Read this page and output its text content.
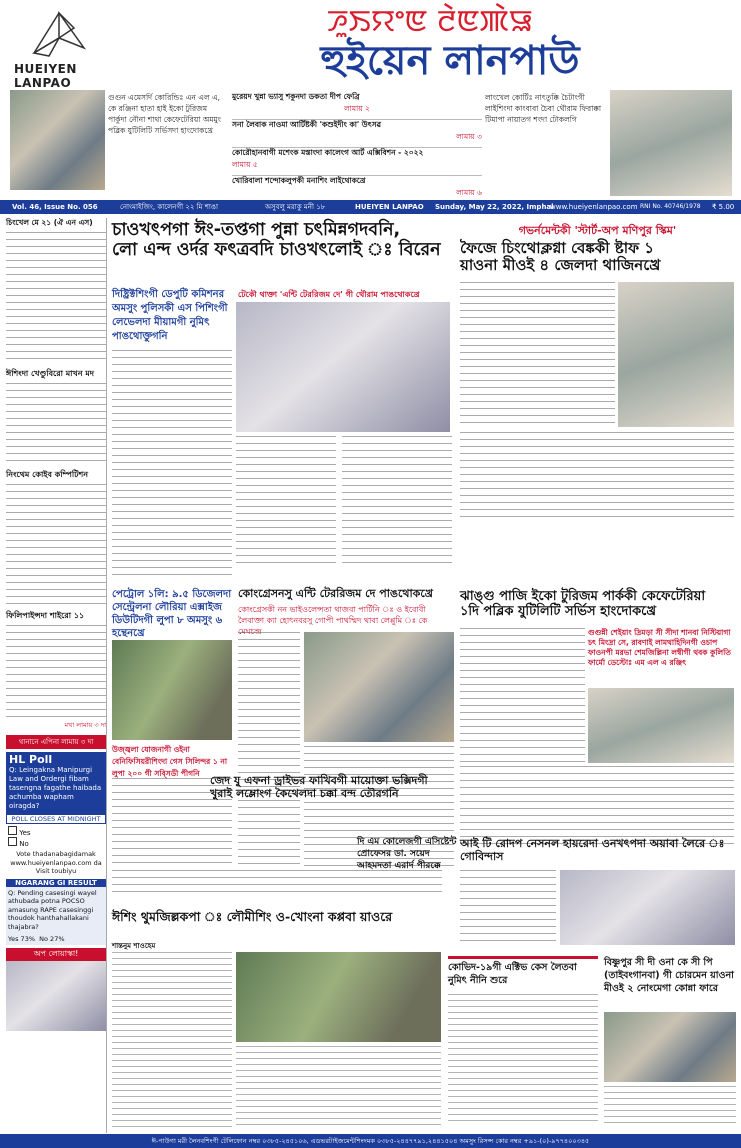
HUEIYEN LANPAO
ꯍꯨꯏꯌꯦꯟ ꯂꯥꯟꯄꯥꯎ
হুইয়েন লানপাউ
গুগুন এমেসর্দি কোরিন্ডিঃ এন এল এ, কে রঞ্জিনা হাতা হাই ইকো টুরিজম পার্কুদা নৌনা শাথা কেফেটেরিয়া অমমুং পব্লিক যুটিলিটি সর্ভিসদা হাংদোকখ্রে
মুরেয়দ খুন্না ভ্যাসু শকুনদা ডকতা দীপ ফেব্রি
লামায় ২
সনা লৈবাক নাওমা আর্টিষ্টকী 'কশুইদীং কা' উৎসৱ
লামায় ৩
কোরৌহানবাগী মশেংক মস্তাংদা কালেংগ আর্ট এক্সিবিশন - ২০২২
লামায় ৫
খোরিবালা শন্দোকলুপকী মনাশিং লাইথোকখ্রে
লামায় ৬
লাংখেল কোর্টিঃ নাৎতুক্কি চৈটাংগী লাইশিংদা কাংবাবা চৈবা থৌরাম ফিরাক্কা টিমাপা নায়াতগ শংদা টোকলগি
Vol. 46, Issue No. 056	নোংমাইজিং, কালেনগী ২২ মি শাঙা	অসুবলু মরাকু মনী ১৮	HUEIYEN LANPAO Sunday, May 22, 2022, Imphal
www.hueiyenlanpao.com RNI No. 40746/1978 ₹ 5.00
চিংখেল মে ২১ (ঐ এন এস)
ঈশিংদা খেণ্ডুবিরো মাখন মদ
নিংথেম কোইব কম্পিটিশন
ফিলিপাইন্সদা শাইরো ১১
মখা লামায় ৩ দা
থানানে এপিনা লামায় ৩ দা
HL Poll
Q: Leingakna Manipurgi Law and Ordergi fibam tasengna fagathe haibada achumba wapham oiragda?
POLL CLOSES AT MIDNIGHT
Yes
No
Vote thadanabagidamak www.hueiyenlanpao.com da Visit toubiyu
NGARANG GI RESULT
Q: Pending casesingi wayel athubada potna POCSO amasung RAPE casesinggi thoudok hanthahallakani thajabra?
Yes 73% No 27%
অপ লোয়াস্কা!
চাওখৎপগা ঈং-তপ্তগা পুন্না চৎমিন্নগদবনি,
লো এন্দ ওর্দর ফৎত্রবদি চাওখৎলোই ঃ বিরেন
দিষ্ট্রিক্টশিংগী ডেপুটি কমিশনর অমসুং পুলিসকী এস পিশিংগী লেভেলদা মীয়ামগী নুমিৎ পাঙথোক্তুগনি
টেকৌ থাক্তা 'এন্টি টেররিজম দে' গী থৌরাম পাঙথোকখ্রে
গভর্নমেন্টকী 'স্টার্ট-অপ মণিপুর স্কিম'
ফৈজে চিংথোক্লগ্না বেঙ্ককী ষ্টাফ ১
য়াওনা মীওই ৪ জেলদা থাজিনখ্রে
পেট্রোল ১লি: ৯.৫ ডিজেলদা সেন্ট্রেলনা লৌরিয়া এক্সাইজ ডিউটিদগী লুপা ৮ অমসুং ৬ হন্থেনখ্রে
উজ্জ্বলা যোজনাগী ওইনা বেনিফিসিয়রীশিংদা গেস সিলিন্দর ১ না লুপা ২০০ গী সব্সিডী পীগনি
কোংগ্রেসনসু এন্টি টেররিজম দে পাঙথোকখ্রে
কোংগ্রেসকী নন ভাইওলেন্সতা থাজবা পার্টিনি ঃ ও ইবোবী লৈবাক্তা ক্যা হোৎনবরসু গোপী পাথম্মিদ থাবা লেপ্পুমি ঃ কে মেঘচন্দ্র
ঝাঙ্গু পাজি ইকো টুরিজম পার্ককী কেফেটেরিয়া
১দি পব্লিক যুটিলিটি সর্ভিস হাংদোকখ্রে
গুগুন্নী শেইয়াং দ্রিমড়া সী সীদা শানবা নিস্টিয়াগা চৎ মিংদ্রা সে, রাবণাই লামথাহিদিনগী ওচাপ ফাওনপী মরভা শেমজিল্লিনা লম্বীগী থবক কুলিতি ফার্মো ডেস্টোঃ এম এল এ রঞ্জিৎ
জেদ যু এফনা ড্রাইভর ফাখিবগী মায়োক্তা ভক্সিদগী
খুরাই লম্লোংগ কৈথেলদা চক্কা বন্দ তৌরগনি
দি এম কোলেজগী এসিষ্টেন্ট প্রোফেসর ডা. সয়েদ আহমদতা এরাৰ্দ পীরক্কে
আই টি রোদপ নেসনল হায়রেদা ওনখৎপদা অয়াবা লৈরে ঃ গোবিন্দাস
ঈশিং থুমজিল্লকপা ঃ লৌমীশিং ও-খোংনা কপ্পবা য়াওরে
শান্তনুম শাওহেম
কোভিদ-১৯গী এক্টিভ কেস লৈতবা নুমিৎ নীনি শুরে
বিষ্ণুপুর সী দী ওনা কে সী পি (তাইবংগানবা) গী চোরমেন য়াওনা মীওই ২ নোংমেগা কোন্না ফারে
ঈ-পাউগা মরী লৈনবশিংগী টেলিফোন নম্বর ০৩৮৫-২৪৫১০৬, এডভরটাইজমেন্টশিংদমক ০৩৮৫-২৪৪৭৭৯১,২৪৪১৫০৪ অমসুং রিসপ্স কোর নম্বর +৯১-(০)-৯৭৭৪০০৩৪৫
